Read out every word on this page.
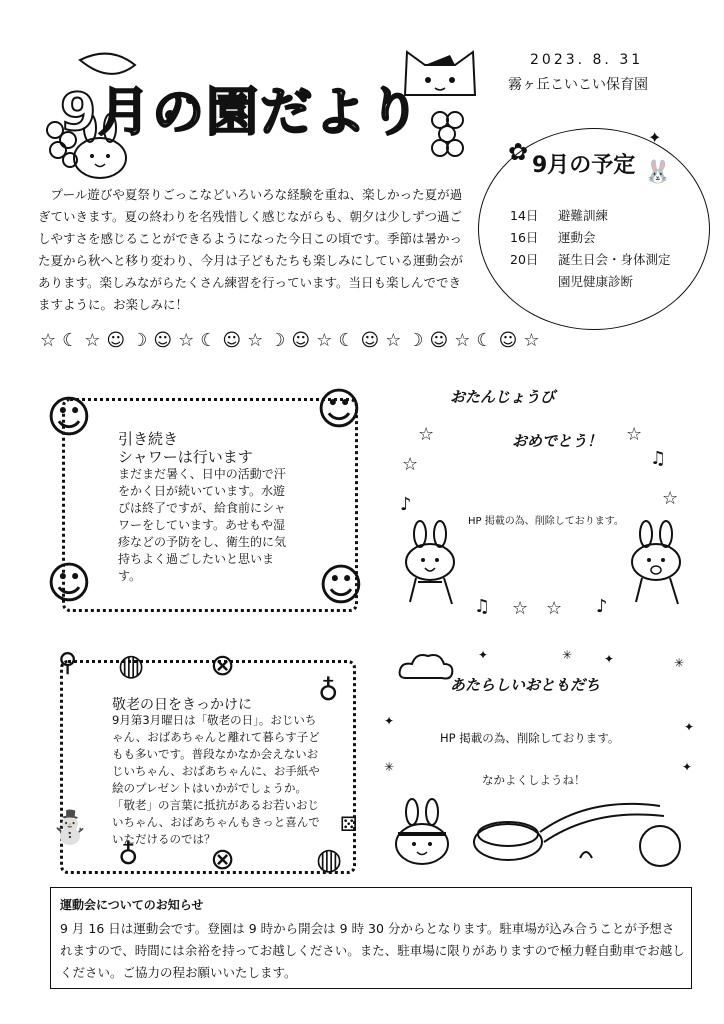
9月の園だより
2023. 8. 31
霧ヶ丘こいこい保育園
プール遊びや夏祭りごっこなどいろいろな経験を重ね、楽しかった夏が過ぎていきます。夏の終わりを名残惜しく感じながらも、朝夕は少しずつ過ごしやすさを感じることができるようになった今日この頃です。季節は暑かった夏から秋へと移り変わり、今月は子どもたちも楽しみにしている運動会があります。楽しみながらたくさん練習を行っています。当日も楽しんでできますように。お楽しみに！
✿
✦
9月の予定 🐰
14日	避難訓練
16日	運動会
20日	誕生日会・身体測定
園児健康診断
☆☾☆☺☽☺☆☾☺☆☽☺☆☾☺☆☽☺☆☾☺☆
☺	☺
☺	☺
引き続き
シャワーは行います
まだまだ暑く、日中の活動で汗をかく日が続いています。水遊びは終了ですが、給食前にシャワーをしています。あせもや湿疹などの予防をし、衛生的に気持ちよく過ごしたいと思います。
おたんじょうび
おめでとう！
☆
☆
☆
♫
♪	☆
HP 掲載の為、削除しております。
♫ ☆ ☆ ♪
⚲ ◍ ⊗
♁
⛄
♁ ⊗	◍
⚄
敬老の日をきっかけに
9月第3月曜日は「敬老の日」。おじいちゃん、おばあちゃんと離れて暮らす子どもも多いです。普段なかなか会えないおじいちゃん、おばあちゃんに、お手紙や絵のプレゼントはいかがでしょうか。「敬老」の言葉に抵抗があるお若いおじいちゃん、おばあちゃんもきっと喜んでいただけるのでは？
あたらしいおともだち
✦	✳	✦	✳
✦	✦
✳	✦
HP 掲載の為、削除しております。
なかよくしようね！
運動会についてのお知らせ
9 月 16 日は運動会です。登園は 9 時から開会は 9 時 30 分からとなります。駐車場が込み合うことが予想されますので、時間には余裕を持ってお越しください。また、駐車場に限りがありますので極力軽自動車でお越しください。ご協力の程お願いいたします。
